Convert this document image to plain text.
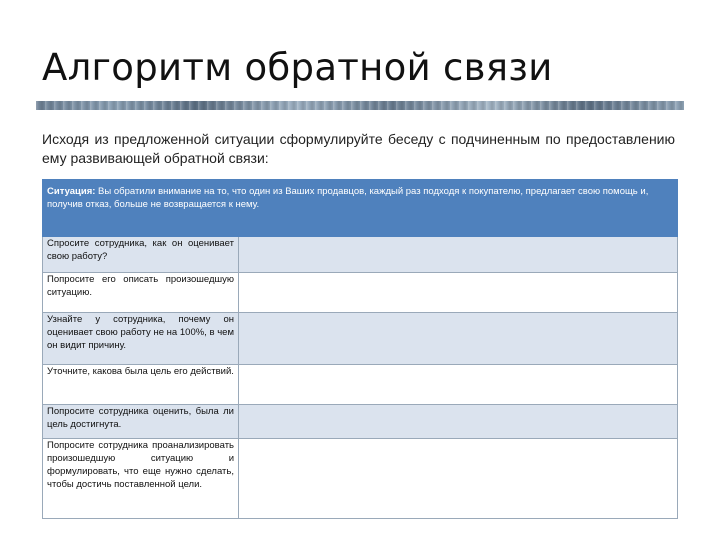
Алгоритм обратной связи
Исходя из предложенной ситуации сформулируйте беседу с подчиненным по предоставлению ему развивающей обратной связи:
Ситуация: Вы обратили внимание на то, что один из Ваших продавцов, каждый раз подходя к покупателю, предлагает свою помощь и, получив отказ, больше не возвращается к нему.	
Спросите сотрудника, как он оценивает свою работу?	
Попросите его описать произошедшую ситуацию.	
Узнайте у сотрудника, почему он оценивает свою работу не на 100%, в чем он видит причину.	
Уточните, какова была цель его действий.	
Попросите сотрудника оценить, была ли цель достигнута.	
Попросите сотрудника проанализировать произошедшую ситуацию и формулировать, что еще нужно сделать, чтобы достичь поставленной цели.	
